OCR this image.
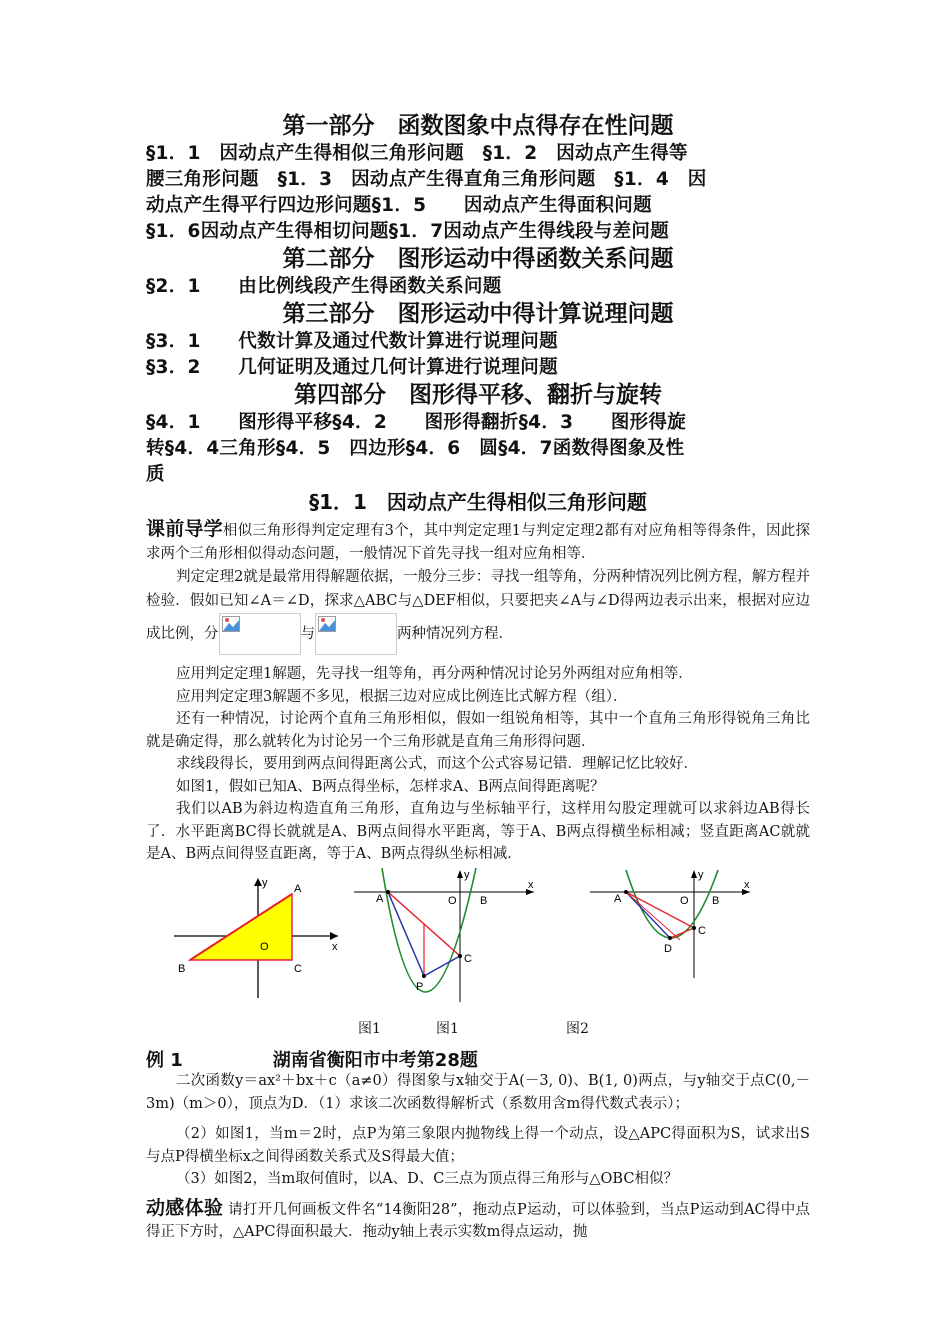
第一部分　函数图象中点得存在性问题
§1．1　因动点产生得相似三角形问题　§1．2　因动点产生得等
腰三角形问题　§1．3　因动点产生得直角三角形问题　§1．4　因
动点产生得平行四边形问题§1．5　　因动点产生得面积问题
§1．6因动点产生得相切问题§1．7因动点产生得线段与差问题
第二部分　图形运动中得函数关系问题
§2．1　　由比例线段产生得函数关系问题
第三部分　图形运动中得计算说理问题
§3．1　　代数计算及通过代数计算进行说理问题
§3．2　　几何证明及通过几何计算进行说理问题
第四部分　图形得平移、翻折与旋转
§4．1　　图形得平移§4．2　　图形得翻折§4．3　　图形得旋
转§4．4三角形§4．5　四边形§4．6　圆§4．7函数得图象及性
质
§1．1　因动点产生得相似三角形问题

课前导学相似三角形得判定定理有3个，其中判定定理1与判定定理2都有对应角相等得条件，因此探求两个三角形相似得动态问题，一般情况下首先寻找一组对应角相等．

判定定理2就是最常用得解题依据，一般分三步：寻找一组等角，分两种情况列比例方程，解方程并检验．假如已知∠A＝∠D，探求△ABC与△DEF相似，只要把夹∠A与∠D得两边表示出来，根据对应边成比例，分	与	两种情况列方程．

应用判定定理1解题，先寻找一组等角，再分两种情况讨论另外两组对应角相等．

应用判定定理3解题不多见，根据三边对应成比例连比式解方程（组）．

还有一种情况，讨论两个直角三角形相似，假如一组锐角相等，其中一个直角三角形得锐角三角比就是确定得，那么就转化为讨论另一个三角形就是直角三角形得问题．

求线段得长，要用到两点间得距离公式，而这个公式容易记错．理解记忆比较好．

如图1，假如已知A、B两点得坐标，怎样求A、B两点间得距离呢？

我们以AB为斜边构造直角三角形，直角边与坐标轴平行，这样用勾股定理就可以求斜边AB得长了．水平距离BC得长就就是A、B两点间得水平距离，等于A、B两点得横坐标相减；竖直距离AC就就是A、B两点间得竖直距离，等于A、B两点得纵坐标相减．

y
x
A
O
B	C
x
y
A	O B
C
P
x
y
A	O B
C
D
图1	图1	图2
例 1	湖南省衡阳市中考第28题

二次函数y＝ax²＋bx＋c（a≠0）得图象与x轴交于A(－3, 0)、B(1, 0)两点，与y轴交于点C(0,－3m)（m＞0），顶点为D．（1）求该二次函数得解析式（系数用含m得代数式表示）；

（2）如图1，当m＝2时，点P为第三象限内抛物线上得一个动点，设△APC得面积为S，试求出S与点P得横坐标x之间得函数关系式及S得最大值；

（3）如图2，当m取何值时，以A、D、C三点为顶点得三角形与△OBC相似？

动感体验 请打开几何画板文件名“14衡阳28”，拖动点P运动，可以体验到，当点P运动到AC得中点得正下方时，△APC得面积最大．拖动y轴上表示实数m得点运动，抛
